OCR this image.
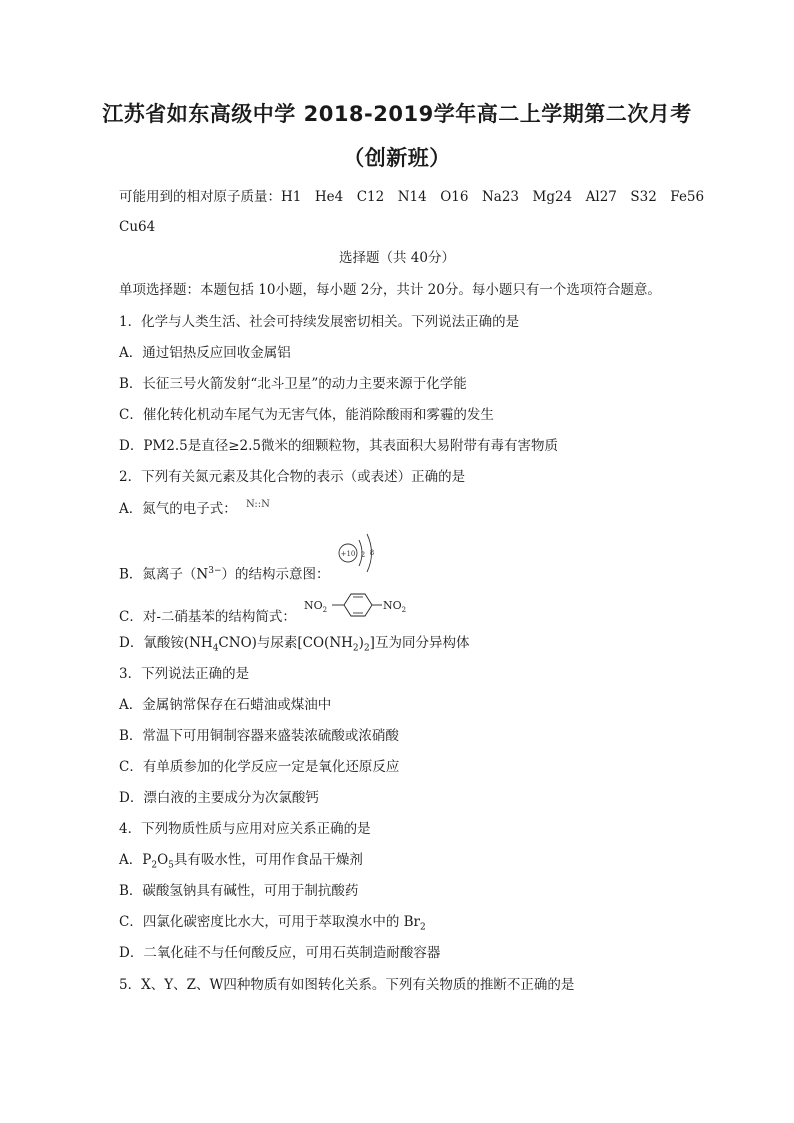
江苏省如东高级中学 2018-2019学年高二上学期第二次月考
（创新班）
可能用到的相对原子质量：H1　He4　C12　N14　O16　Na23　Mg24　Al27　S32　Fe56
Cu64
选择题（共 40分）
单项选择题：本题包括 10小题，每小题 2分，共计 20分。每小题只有一个选项符合题意。
1．化学与人类生活、社会可持续发展密切相关。下列说法正确的是
A．通过铝热反应回收金属铝
B．长征三号火箭发射“北斗卫星”的动力主要来源于化学能
C．催化转化机动车尾气为无害气体，能消除酸雨和雾霾的发生
D．PM2.5是直径≥2.5微米的细颗粒物，其表面积大易附带有毒有害物质
2．下列有关氮元素及其化合物的表示（或表述）正确的是
A．氮气的电子式： N::N
B．氮离子$(N^{3-})$的结构示意图：
+10 2 8
C．对-二硝基苯的结构简式：
$NO_2$	$NO_2$
D．氰酸铵$(NH_4CNO)$与尿素$[CO(NH_2)_2]$互为同分异构体
3．下列说法正确的是
A．金属钠常保存在石蜡油或煤油中
B．常温下可用铜制容器来盛装浓硫酸或浓硝酸
C．有单质参加的化学反应一定是氧化还原反应
D．漂白液的主要成分为次氯酸钙
4．下列物质性质与应用对应关系正确的是
A．$P_2O_5$具有吸水性，可用作食品干燥剂
B．碳酸氢钠具有碱性，可用于制抗酸药
C．四氯化碳密度比水大，可用于萃取溴水中的 $Br_2$
D．二氧化硅不与任何酸反应，可用石英制造耐酸容器
5．X、Y、Z、W四种物质有如图转化关系。下列有关物质的推断不正确的是
